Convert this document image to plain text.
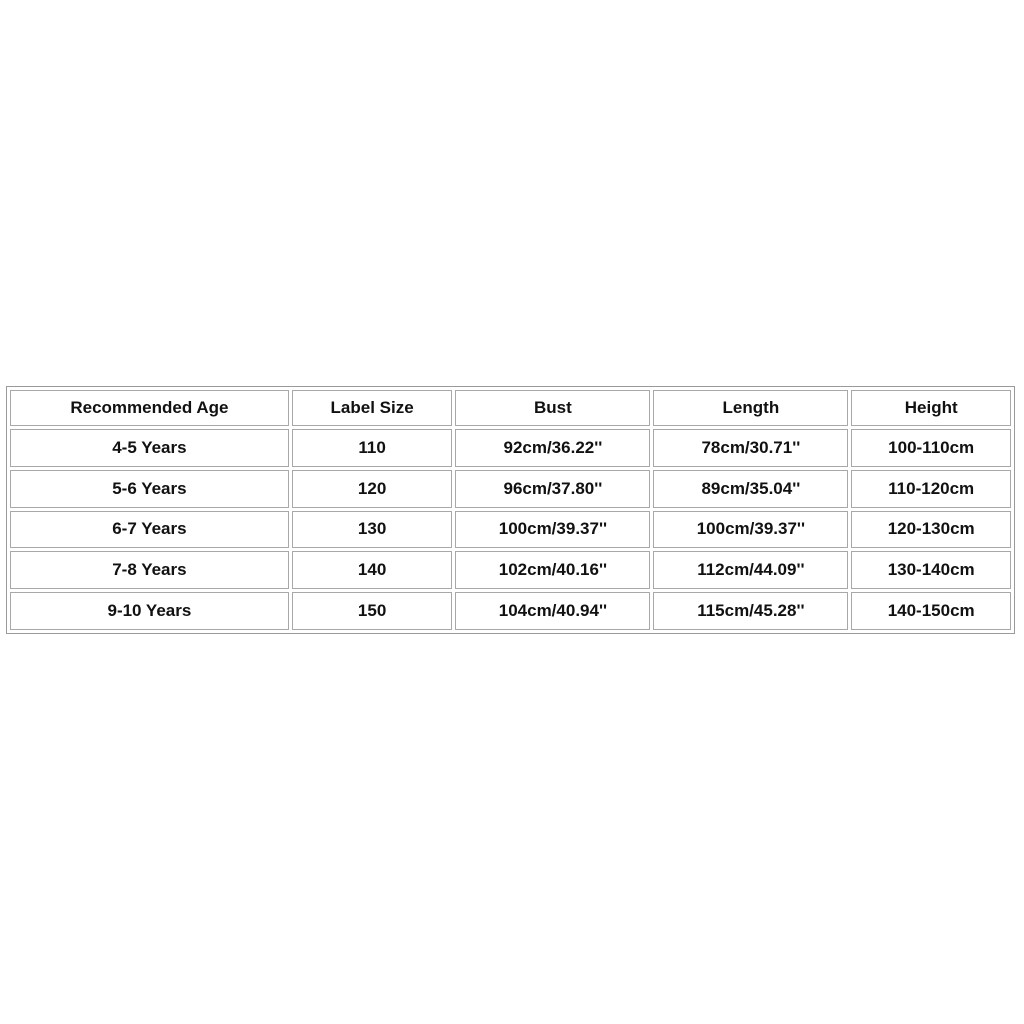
Recommended Age	Label Size	Bust	Length	Height
4-5 Years	110	92cm/36.22''	78cm/30.71''	100-110cm
5-6 Years	120	96cm/37.80''	89cm/35.04''	110-120cm
6-7 Years	130	100cm/39.37''	100cm/39.37''	120-130cm
7-8 Years	140	102cm/40.16''	112cm/44.09''	130-140cm
9-10 Years	150	104cm/40.94''	115cm/45.28''	140-150cm
